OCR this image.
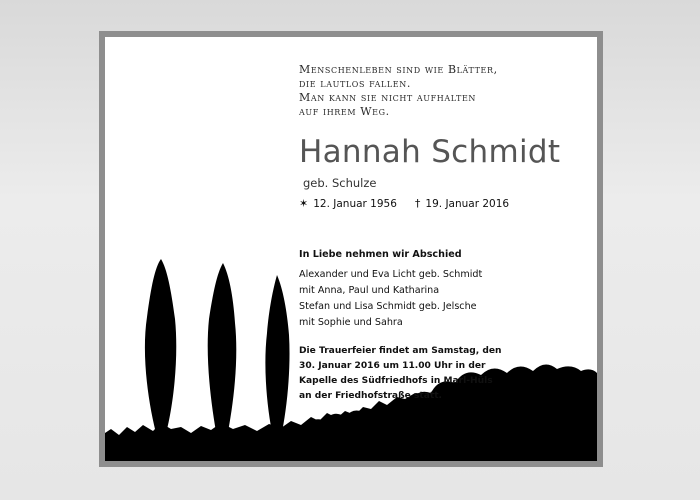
Menschenleben sind wie Blätter,
die lautlos fallen.
Man kann sie nicht aufhalten
auf ihrem Weg.
Hannah Schmidt
geb. Schulze
✶ 12. Januar 1956 † 19. Januar 2016
In Liebe nehmen wir Abschied
Alexander und Eva Licht geb. Schmidt
mit Anna, Paul und Katharina
Stefan und Lisa Schmidt geb. Jelsche
mit Sophie und Sahra
Die Trauerfeier findet am Samstag, den
30. Januar 2016 um 11.00 Uhr in der
Kapelle des Südfriedhofs in Marl-Hüls
an der Friedhofstraße statt.
